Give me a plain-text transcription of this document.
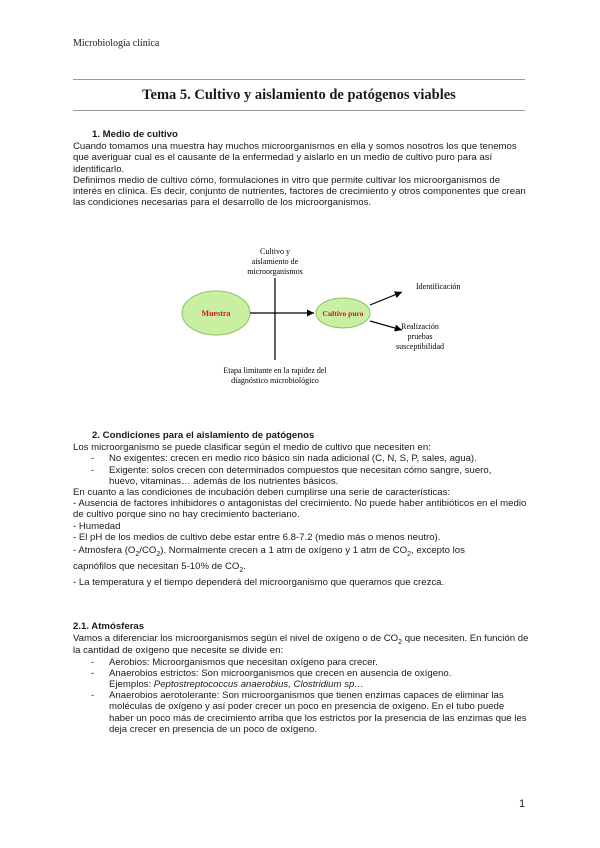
Microbiología clínica
Tema 5. Cultivo y aislamiento de patógenos viables
1. Medio de cultivo

Cuando tomamos una muestra hay muchos microorganismos en ella y somos nosotros los que tenemos que averiguar cual es el causante de la enfermedad y aislarlo en un medio de cultivo puro para así identificarlo.

Definimos medio de cultivo cómo, formulaciones in vitro que permite cultivar los microorganismos de interés en clínica. Es decir, conjunto de nutrientes, factores de crecimiento y otros componentes que crean las condiciones necesarias para el desarrollo de los microorganismos.

Cultivo y
aislamiento de
microorganismos
Muestra	Cultivo puro
Identificación
Realización
pruebas
susceptibilidad
Etapa limitante en la rapidez del
diagnóstico microbiológico
2. Condiciones para el aislamiento de patógenos

Los microorganismo se puede clasificar según el medio de cultivo que necesiten en:

- No exigentes: crecen en medio rico básico sin nada adicional (C, N, S, P, sales, agua).
- Exigente: solos crecen con determinados compuestos que necesitan cómo sangre, suero,

huevo, vitaminas… además de los nutrientes básicos.

En cuanto a las condiciones de incubación deben cumplirse una serie de características:

- Ausencia de factores inhibidores o antagonistas del crecimiento. No puede haber antibióticos en el medio de cultivo porque sino no hay crecimiento bacteriano.

- Humedad

- El pH de los medios de cultivo debe estar entre 6.8-7.2 (medio más o menos neutro).

- Atmósfera $(O_2/CO_2)$. Normalmente crecen a 1 atm de oxígeno y 1 atm de $CO_2$, excepto los

capnófilos que necesitan 5-10% de $CO_2$.

- La temperatura y el tiempo dependerá del microorganismo que queramos que crezca.

2.1. Atmósferas

Vamos a diferenciar los microorganismos según el nivel de oxígeno o de $CO_2$ que necesiten. En función de la cantidad de oxígeno que necesite se divide en:

- Aerobios: Microorganismos que necesitan oxígeno para crecer.
- Anaerobios estrictos: Son microorganismos que crecen en ausencia de oxígeno.

Ejemplos: Peptostreptococcus anaerobius, Clostridium sp…

- Anaerobios aerotolerante: Son microorganismos que tienen enzimas capaces de eliminar las moléculas de oxígeno y así poder crecer un poco en presencia de oxígeno. En el tubo puede haber un poco más de crecimiento arriba que los estrictos por la presencia de las enzimas que les deja crecer en presencia de un poco de oxígeno.
1
